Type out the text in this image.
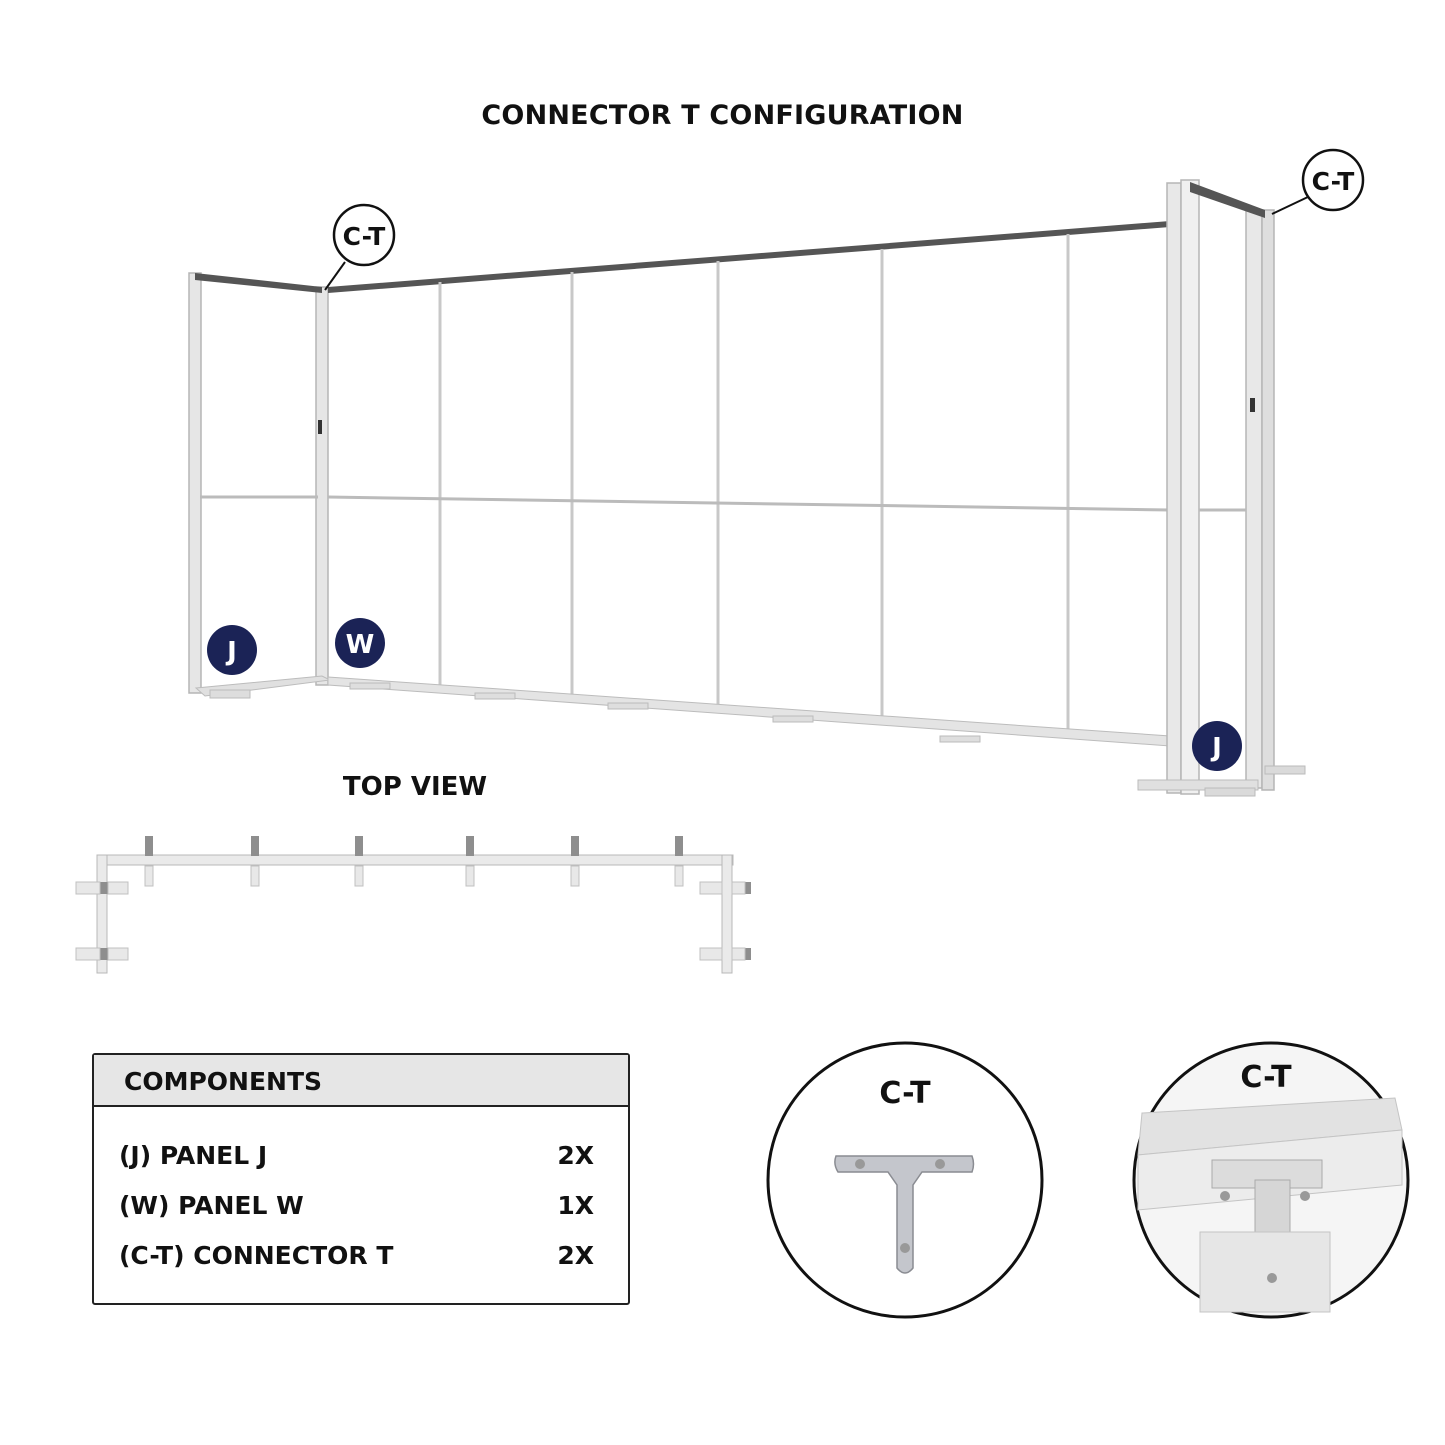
CONNECTOR T CONFIGURATION
C-T
C-T
J	W
J
TOP VIEW
COMPONENTS
(J) PANEL J	2X
(W) PANEL W	1X
(C-T) CONNECTOR T	2X
C-T	C-T
